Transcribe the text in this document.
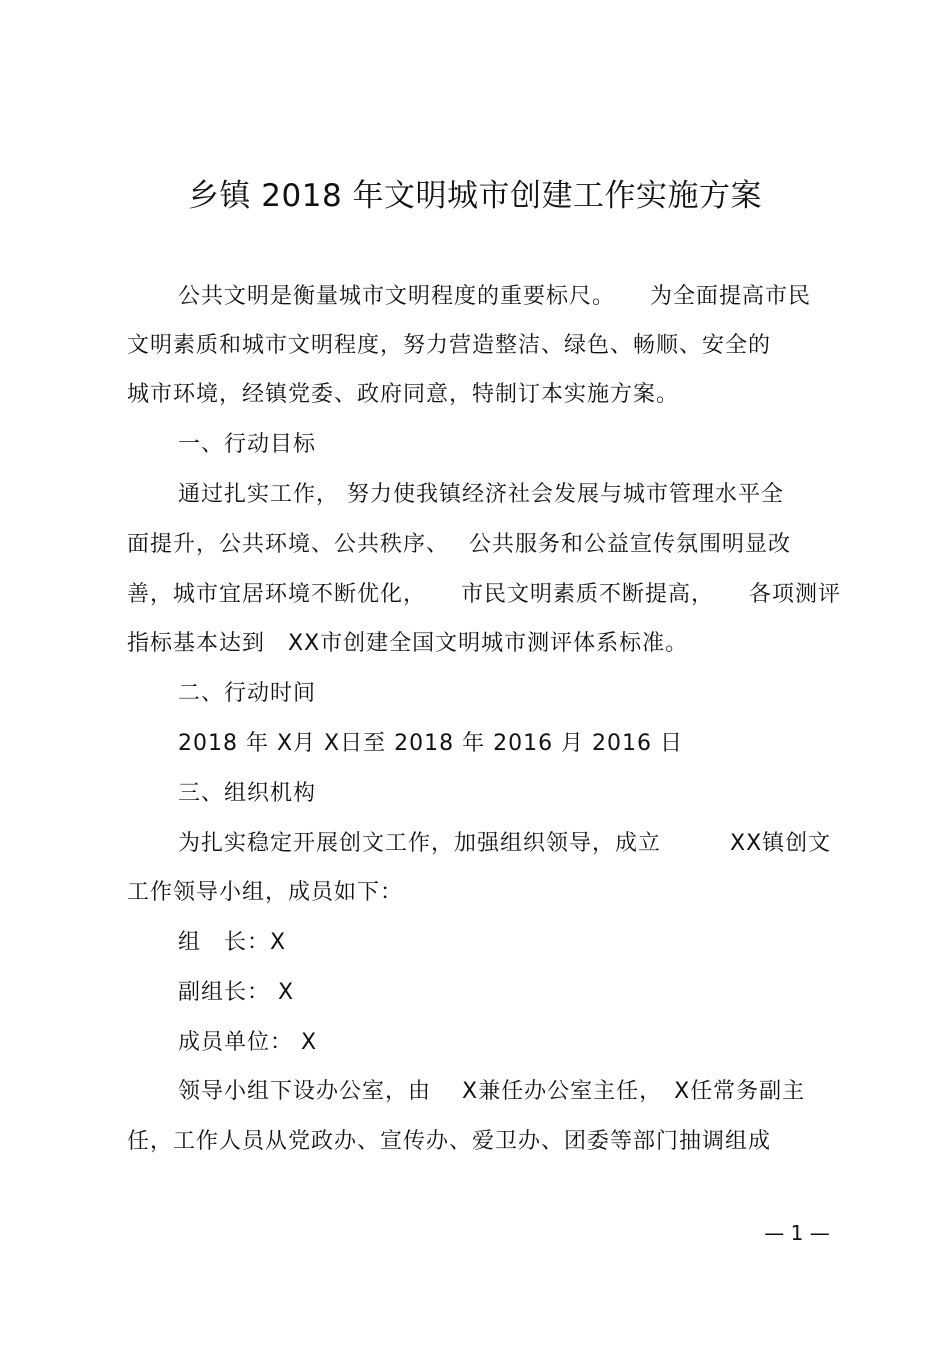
乡镇 2018 年文明城市创建工作实施方案
公共文明是衡量城市文明程度的重要标尺。　　为全面提高市民
文明素质和城市文明程度，努力营造整洁、绿色、畅顺、安全的
城市环境，经镇党委、政府同意，特制订本实施方案。
一、行动目标
通过扎实工作， 努力使我镇经济社会发展与城市管理水平全
面提升，公共环境、公共秩序、　 公共服务和公益宣传氛围明显改
善，城市宜居环境不断优化，　　市民文明素质不断提高，　　各项测评
指标基本达到　XX市创建全国文明城市测评体系标准。
二、行动时间
2018 年 X月 X日至 2018 年 2016 月 2016 日
三、组织机构
为扎实稳定开展创文工作，加强组织领导，成立　　　XX镇创文
工作领导小组，成员如下：
组　长：X
副组长： X
成员单位： X
领导小组下设办公室，由　 X兼任办公室主任，　X任常务副主
任，工作人员从党政办、宣传办、爱卫办、团委等部门抽调组成
— 1 —
